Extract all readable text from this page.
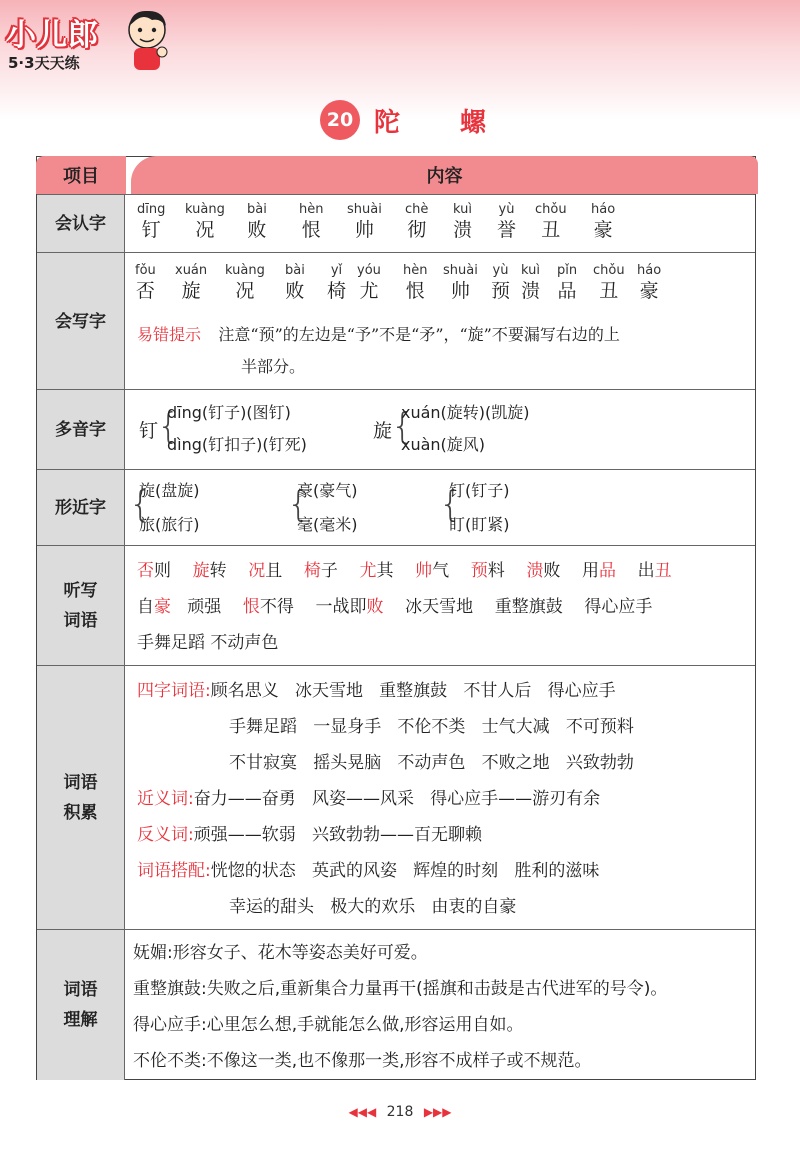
小儿郎
5·3天天练
20 陀螺
项目	内容
会认字
dīng
钉
kuàng
况
bài
败
hèn
恨
shuài
帅
chè
彻
kuì
溃
yù
誉
chǒu
丑
háo
豪
会写字
fǒu
否
xuán
旋
kuàng
况
bài
败
yǐ
椅
yóu
尤
hèn
恨
shuài
帅
yù
预
kuì
溃
pǐn
品
chǒu
丑
háo
豪
易错提示 注意“预”的左边是“予”不是“矛”，“旋”不要漏写右边的上
半部分。
多音字	钉
{
dīng(钉子)(图钉)
dìng(钉扣子)(钉死)
旋
{
xuán(旋转)(凯旋)
xuàn(旋风)
形近字 {
旋(盘旋)
旅(旅行) {
豪(豪气)
毫(毫米) {
钉(钉子)
盯(盯紧)
听写
词语
否则 旋转 况且 椅子 尤其 帅气 预料 溃败 用品 出丑
自豪 顽强 恨不得 一战即败 冰天雪地 重整旗鼓 得心应手
手舞足蹈 不动声色
词语
积累
四字词语:顾名思义   冰天雪地   重整旗鼓   不甘人后   得心应手
手舞足蹈   一显身手   不伦不类   士气大减   不可预料
不甘寂寞   摇头晃脑   不动声色   不败之地   兴致勃勃
近义词:奋力——奋勇   风姿——风采   得心应手——游刃有余
反义词:顽强——软弱   兴致勃勃——百无聊赖
词语搭配:恍惚的状态   英武的风姿   辉煌的时刻   胜利的滋味
幸运的甜头   极大的欢乐   由衷的自豪
词语
理解
妩媚:形容女子、花木等姿态美好可爱。
重整旗鼓:失败之后,重新集合力量再干(摇旗和击鼓是古代进军的号令)。
得心应手:心里怎么想,手就能怎么做,形容运用自如。
不伦不类:不像这一类,也不像那一类,形容不成样子或不规范。
◀◀◀ 218 ▶▶▶
